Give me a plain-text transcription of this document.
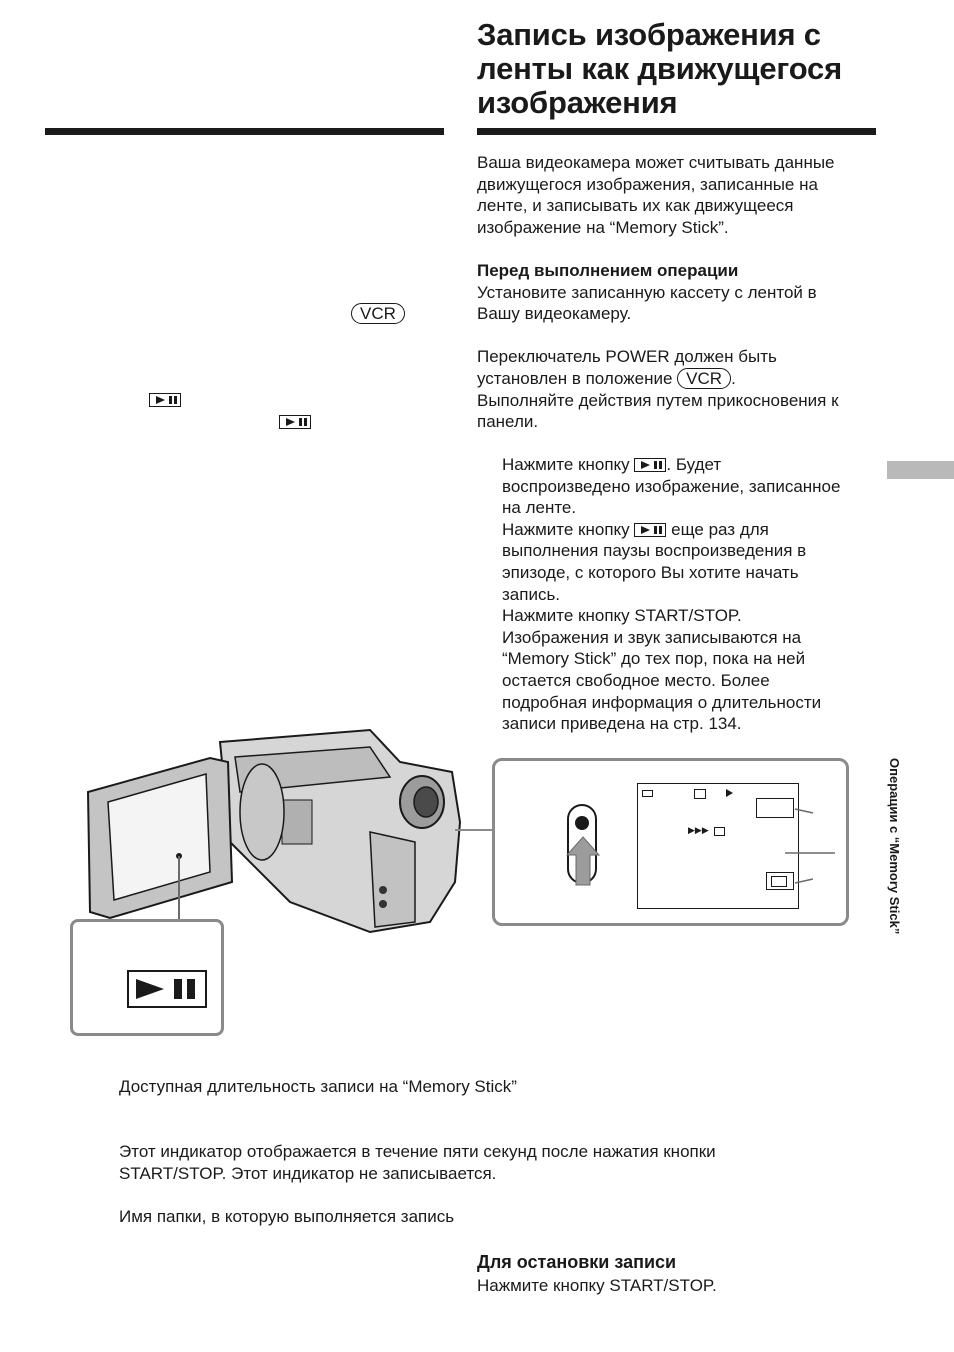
VCR

Запись изображения с
ленты как движущегося
изображения
Ваша видеокамера может считывать данные
движущегося изображения, записанные на
ленте, и записывать их как движущееся
изображение на “Memory Stick”.
Перед выполнением операции
Установите записанную кассету с лентой в
Вашу видеокамеру.
Переключатель POWER должен быть
установлен в положение VCR .
Выполняйте действия путем прикосновения к
панели.
Нажмите кнопку . Будет
воспроизведено изображение, записанное
на ленте.
Нажмите кнопку еще раз для
выполнения паузы воспроизведения в
эпизоде, с которого Вы хотите начать
запись.
Нажмите кнопку START/STOP.
Изображения и звук записываются на
“Memory Stick” до тех пор, пока на ней
остается свободное место. Более
подробная информация о длительности
записи приведена на стр. 134.
Операции с “Memory Stick”
▶▶▶
Доступная длительность записи на “Memory Stick”
Этот индикатор отображается в течение пяти секунд после нажатия кнопки
START/STOP. Этот индикатор не записывается.
Имя папки, в которую выполняется запись
Для остановки записи
Нажмите кнопку START/STOP.
